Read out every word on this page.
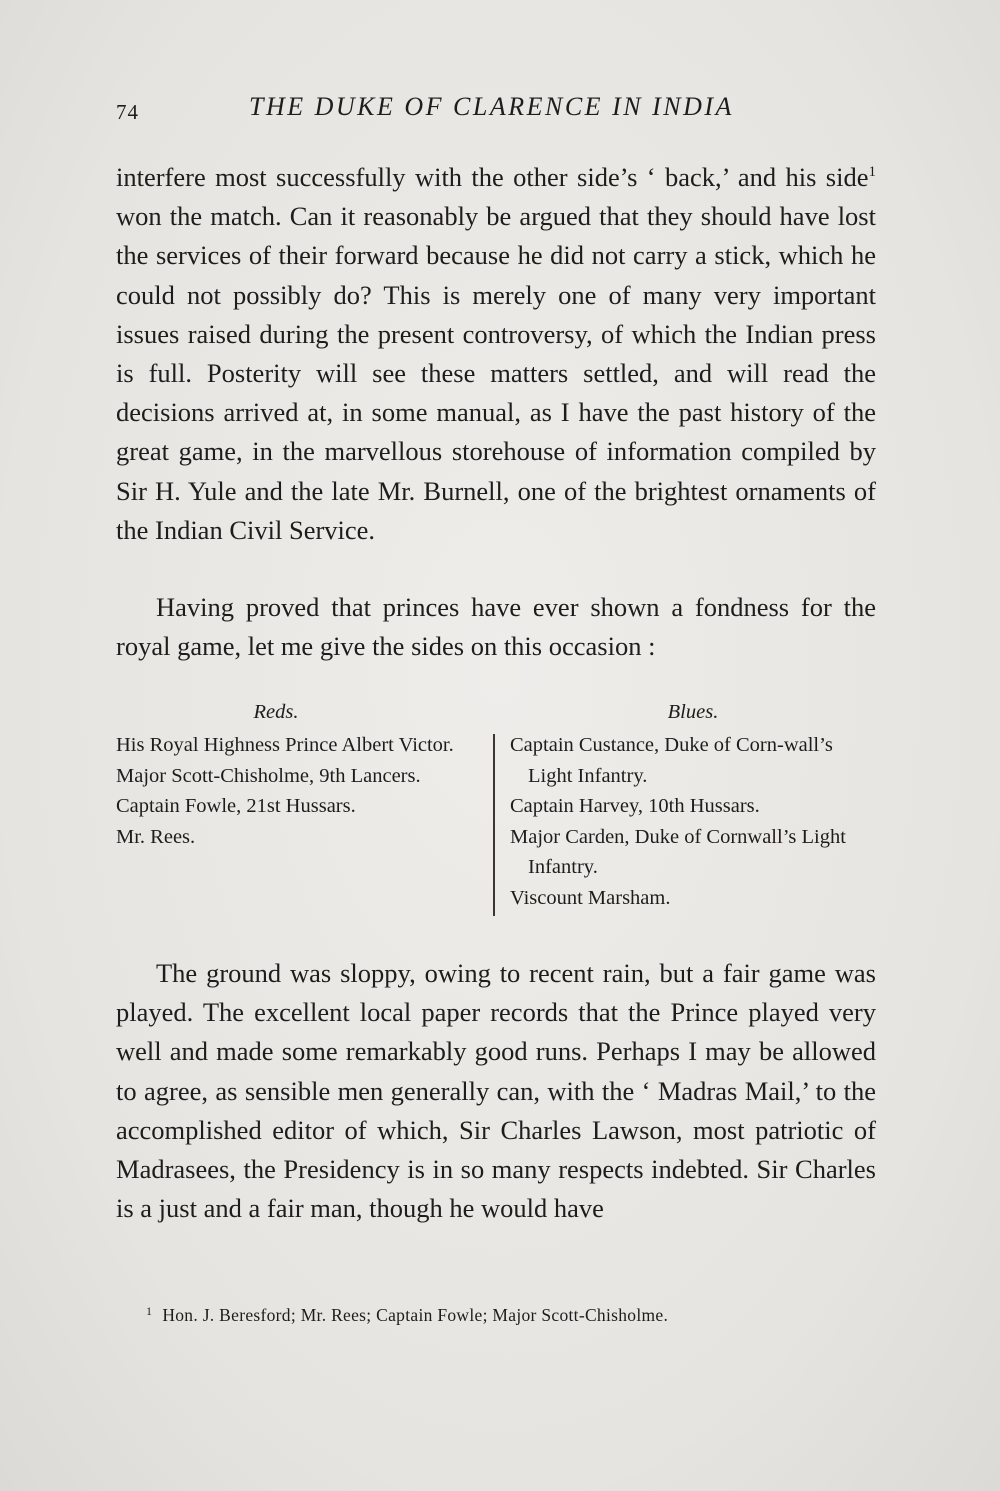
74	THE DUKE OF CLARENCE IN INDIA

interfere most successfully with the other side’s ‘ back,’ and his side$^1$ won the match. Can it reasonably be argued that they should have lost the services of their forward because he did not carry a stick, which he could not possibly do? This is merely one of many very important issues raised during the present controversy, of which the Indian press is full. Posterity will see these matters settled, and will read the decisions arrived at, in some manual, as I have the past history of the great game, in the marvellous storehouse of information compiled by Sir H. Yule and the late Mr. Burnell, one of the brightest ornaments of the Indian Civil Service.

Having proved that princes have ever shown a fondness for the royal game, let me give the sides on this occasion :

Reds.
His Royal Highness Prince Albert Victor.
Major Scott-Chisholme, 9th Lancers.
Captain Fowle, 21st Hussars.
Mr. Rees.
Blues.
Captain Custance, Duke of Corn-wall’s Light Infantry.
Captain Harvey, 10th Hussars.
Major Carden, Duke of Cornwall’s Light Infantry.
Viscount Marsham.

The ground was sloppy, owing to recent rain, but a fair game was played. The excellent local paper records that the Prince played very well and made some remarkably good runs. Perhaps I may be allowed to agree, as sensible men generally can, with the ‘ Madras Mail,’ to the accomplished editor of which, Sir Charles Lawson, most patriotic of Madrasees, the Presidency is in so many respects indebted. Sir Charles is a just and a fair man, though he would have

$^1$ Hon. J. Beresford; Mr. Rees; Captain Fowle; Major Scott-Chisholme.
